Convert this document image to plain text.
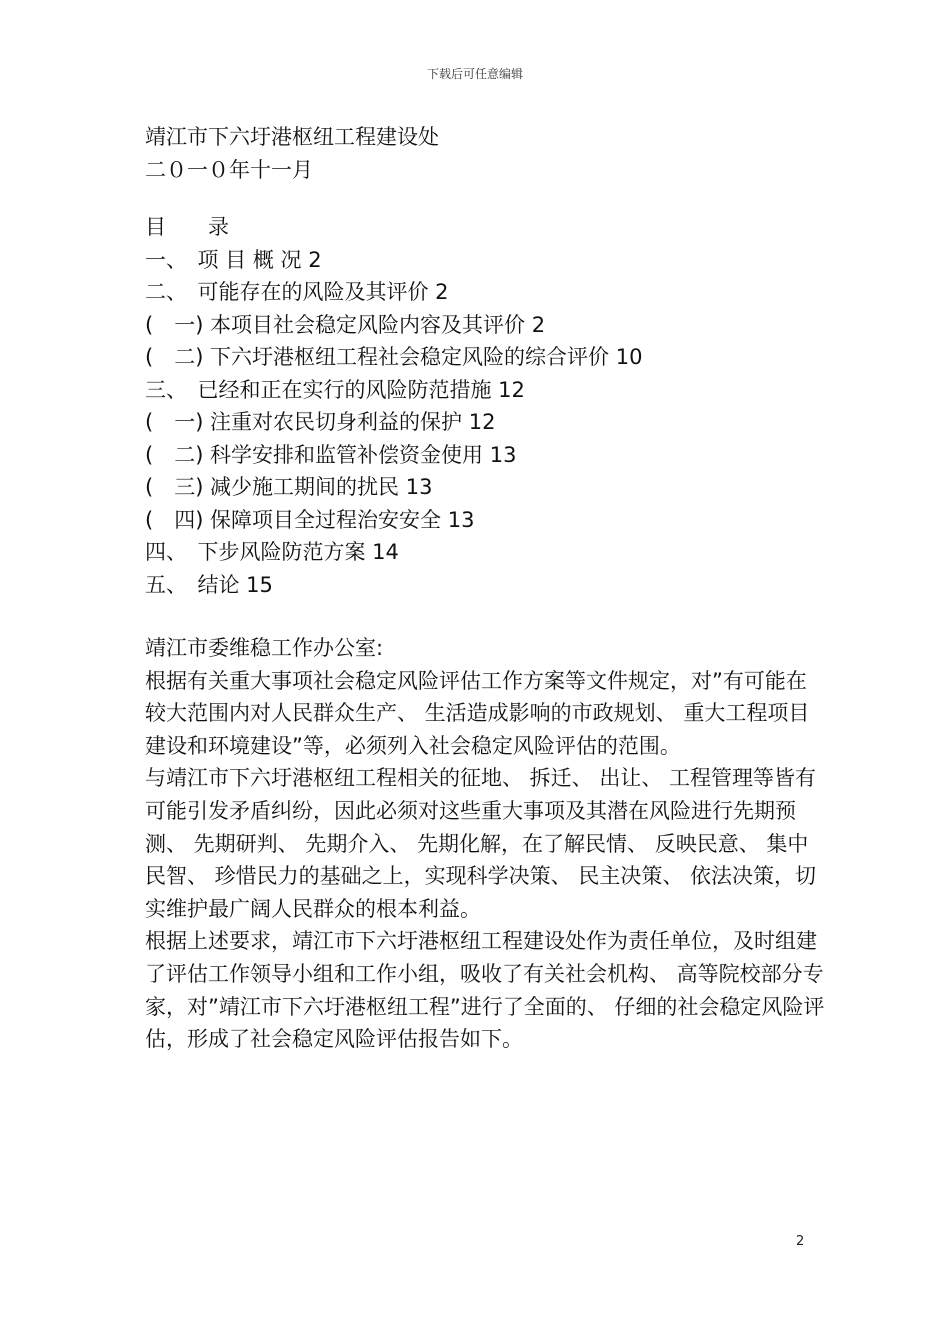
下载后可任意编辑
靖江市下六圩港枢纽工程建设处
二０一０年十一月
目　　录
一、　项 目 概 况 2
二、　可能存在的风险及其评价 2
(　一) 本项目社会稳定风险内容及其评价 2
(　二) 下六圩港枢纽工程社会稳定风险的综合评价 10
三、　已经和正在实行的风险防范措施 12
(　一) 注重对农民切身利益的保护 12
(　二) 科学安排和监管补偿资金使用 13
(　三) 减少施工期间的扰民 13
(　四) 保障项目全过程治安安全 13
四、　下步风险防范方案 14
五、　结论 15

靖江市委维稳工作办公室:

根据有关重大事项社会稳定风险评估工作方案等文件规定，对”有可能在较大范围内对人民群众生产、 生活造成影响的市政规划、 重大工程项目建设和环境建设”等，必须列入社会稳定风险评估的范围。

与靖江市下六圩港枢纽工程相关的征地、 拆迁、 出让、 工程管理等皆有可能引发矛盾纠纷，因此必须对这些重大事项及其潜在风险进行先期预测、 先期研判、 先期介入、 先期化解，在了解民情、 反映民意、 集中民智、 珍惜民力的基础之上，实现科学决策、 民主决策、 依法决策，切实维护最广阔人民群众的根本利益。

根据上述要求，靖江市下六圩港枢纽工程建设处作为责任单位，及时组建了评估工作领导小组和工作小组，吸收了有关社会机构、 高等院校部分专家，对”靖江市下六圩港枢纽工程”进行了全面的、 仔细的社会稳定风险评估，形成了社会稳定风险评估报告如下。

2
